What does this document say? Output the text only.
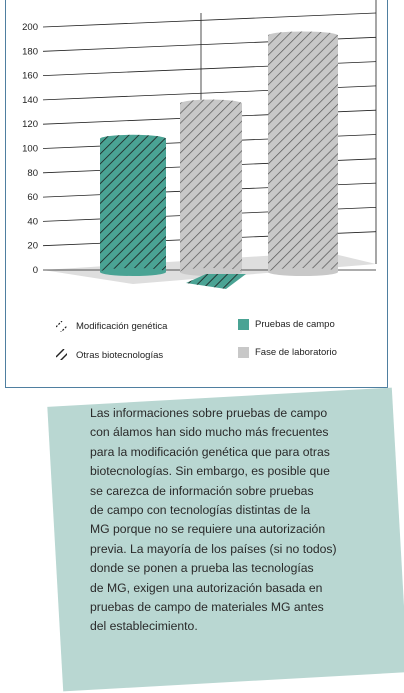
0
20
40
60
80
100
120
140
160
180
200
Modificación genética	Pruebas de campo
Otras biotecnologías	Fase de laboratorio
Las informaciones sobre pruebas de campo
con álamos han sido mucho más frecuentes
para la modificación genética que para otras
biotecnologías. Sin embargo, es posible que
se carezca de información sobre pruebas
de campo con tecnologías distintas de la
MG porque no se requiere una autorización
previa. La mayoría de los países (si no todos)
donde se ponen a prueba las tecnologías
de MG, exigen una autorización basada en
pruebas de campo de materiales MG antes
del establecimiento.
